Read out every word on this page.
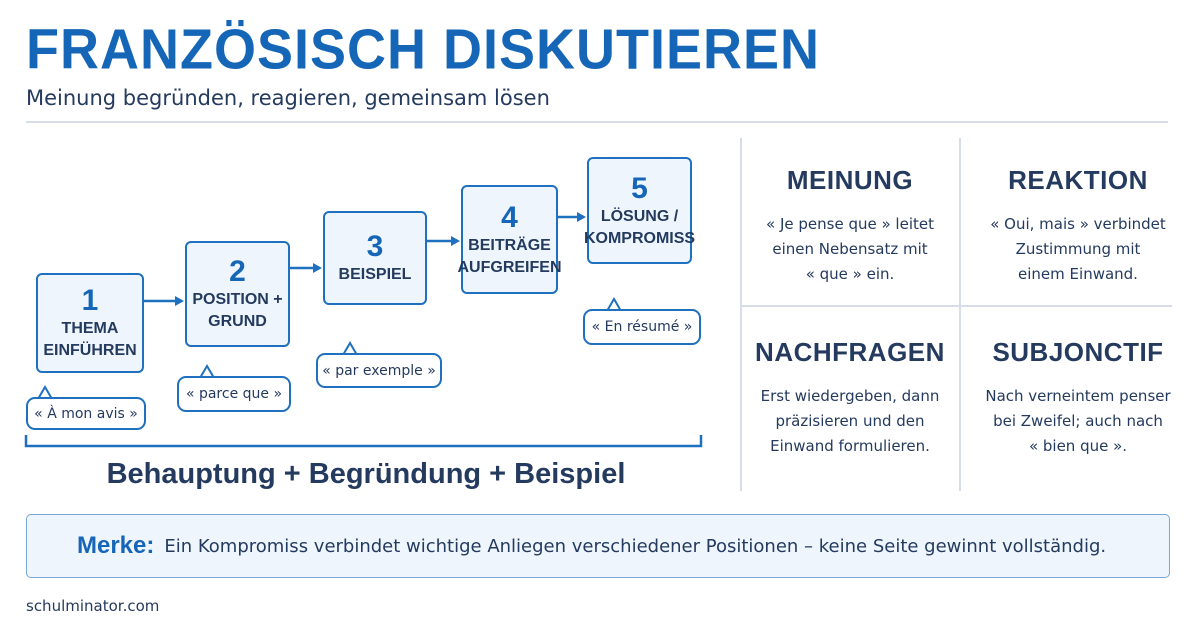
FRANZÖSISCH DISKUTIEREN
Meinung begründen, reagieren, gemeinsam lösen
1
THEMA
EINFÜHREN
2
POSITION +
GRUND
3
BEISPIEL
4
BEITRÄGE
AUFGREIFEN
5
LÖSUNG /
KOMPROMISS
« À mon avis »
« parce que »
« par exemple »
« En résumé »
Behauptung + Begründung + Beispiel
MEINUNG
« Je pense que » leitet
einen Nebensatz mit
« que » ein.
REAKTION
« Oui, mais » verbindet
Zustimmung mit
einem Einwand.
NACHFRAGEN
Erst wiedergeben, dann
präzisieren und den
Einwand formulieren.
SUBJONCTIF
Nach verneintem penser
bei Zweifel; auch nach
« bien que ».
Merke: Ein Kompromiss verbindet wichtige Anliegen verschiedener Positionen – keine Seite gewinnt vollständig.
schulminator.com
